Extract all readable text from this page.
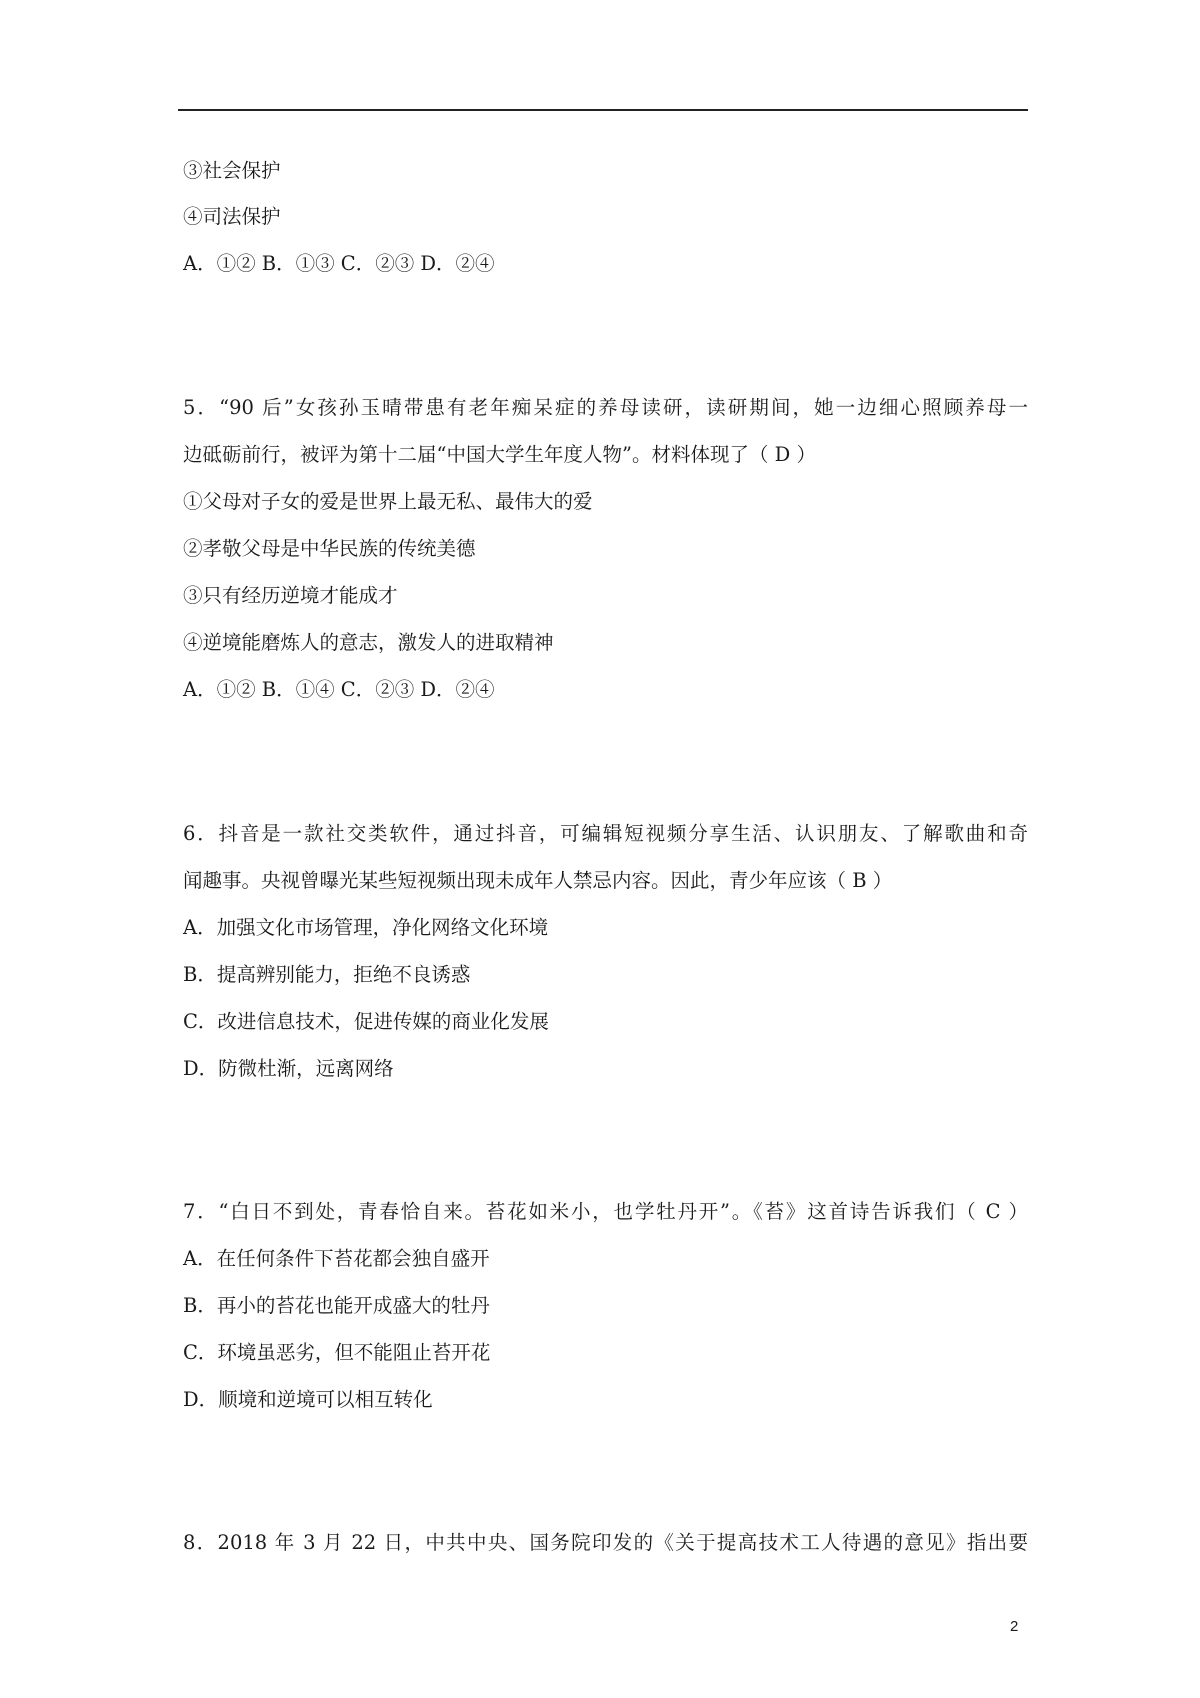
③社会保护
④司法保护
A．①② B．①③ C．②③ D．②④
5．“90 后”女孩孙玉晴带患有老年痴呆症的养母读研，读研期间，她一边细心照顾养母一
边砥砺前行，被评为第十二届“中国大学生年度人物”。材料体现了（ D ）
①父母对子女的爱是世界上最无私、最伟大的爱
②孝敬父母是中华民族的传统美德
③只有经历逆境才能成才
④逆境能磨炼人的意志，激发人的进取精神
A．①② B．①④ C．②③ D．②④
6．抖音是一款社交类软件，通过抖音，可编辑短视频分享生活、认识朋友、了解歌曲和奇
闻趣事。央视曾曝光某些短视频出现未成年人禁忌内容。因此，青少年应该（ B ）
A．加强文化市场管理，净化网络文化环境
B．提高辨别能力，拒绝不良诱惑
C．改进信息技术，促进传媒的商业化发展
D．防微杜渐，远离网络
7．“白日不到处，青春恰自来。苔花如米小，也学牡丹开”。《苔》这首诗告诉我们（ C ）
A．在任何条件下苔花都会独自盛开
B．再小的苔花也能开成盛大的牡丹
C．环境虽恶劣，但不能阻止苔开花
D．顺境和逆境可以相互转化
8．2018 年 3 月 22 日，中共中央、国务院印发的《关于提高技术工人待遇的意见》指出要
2
